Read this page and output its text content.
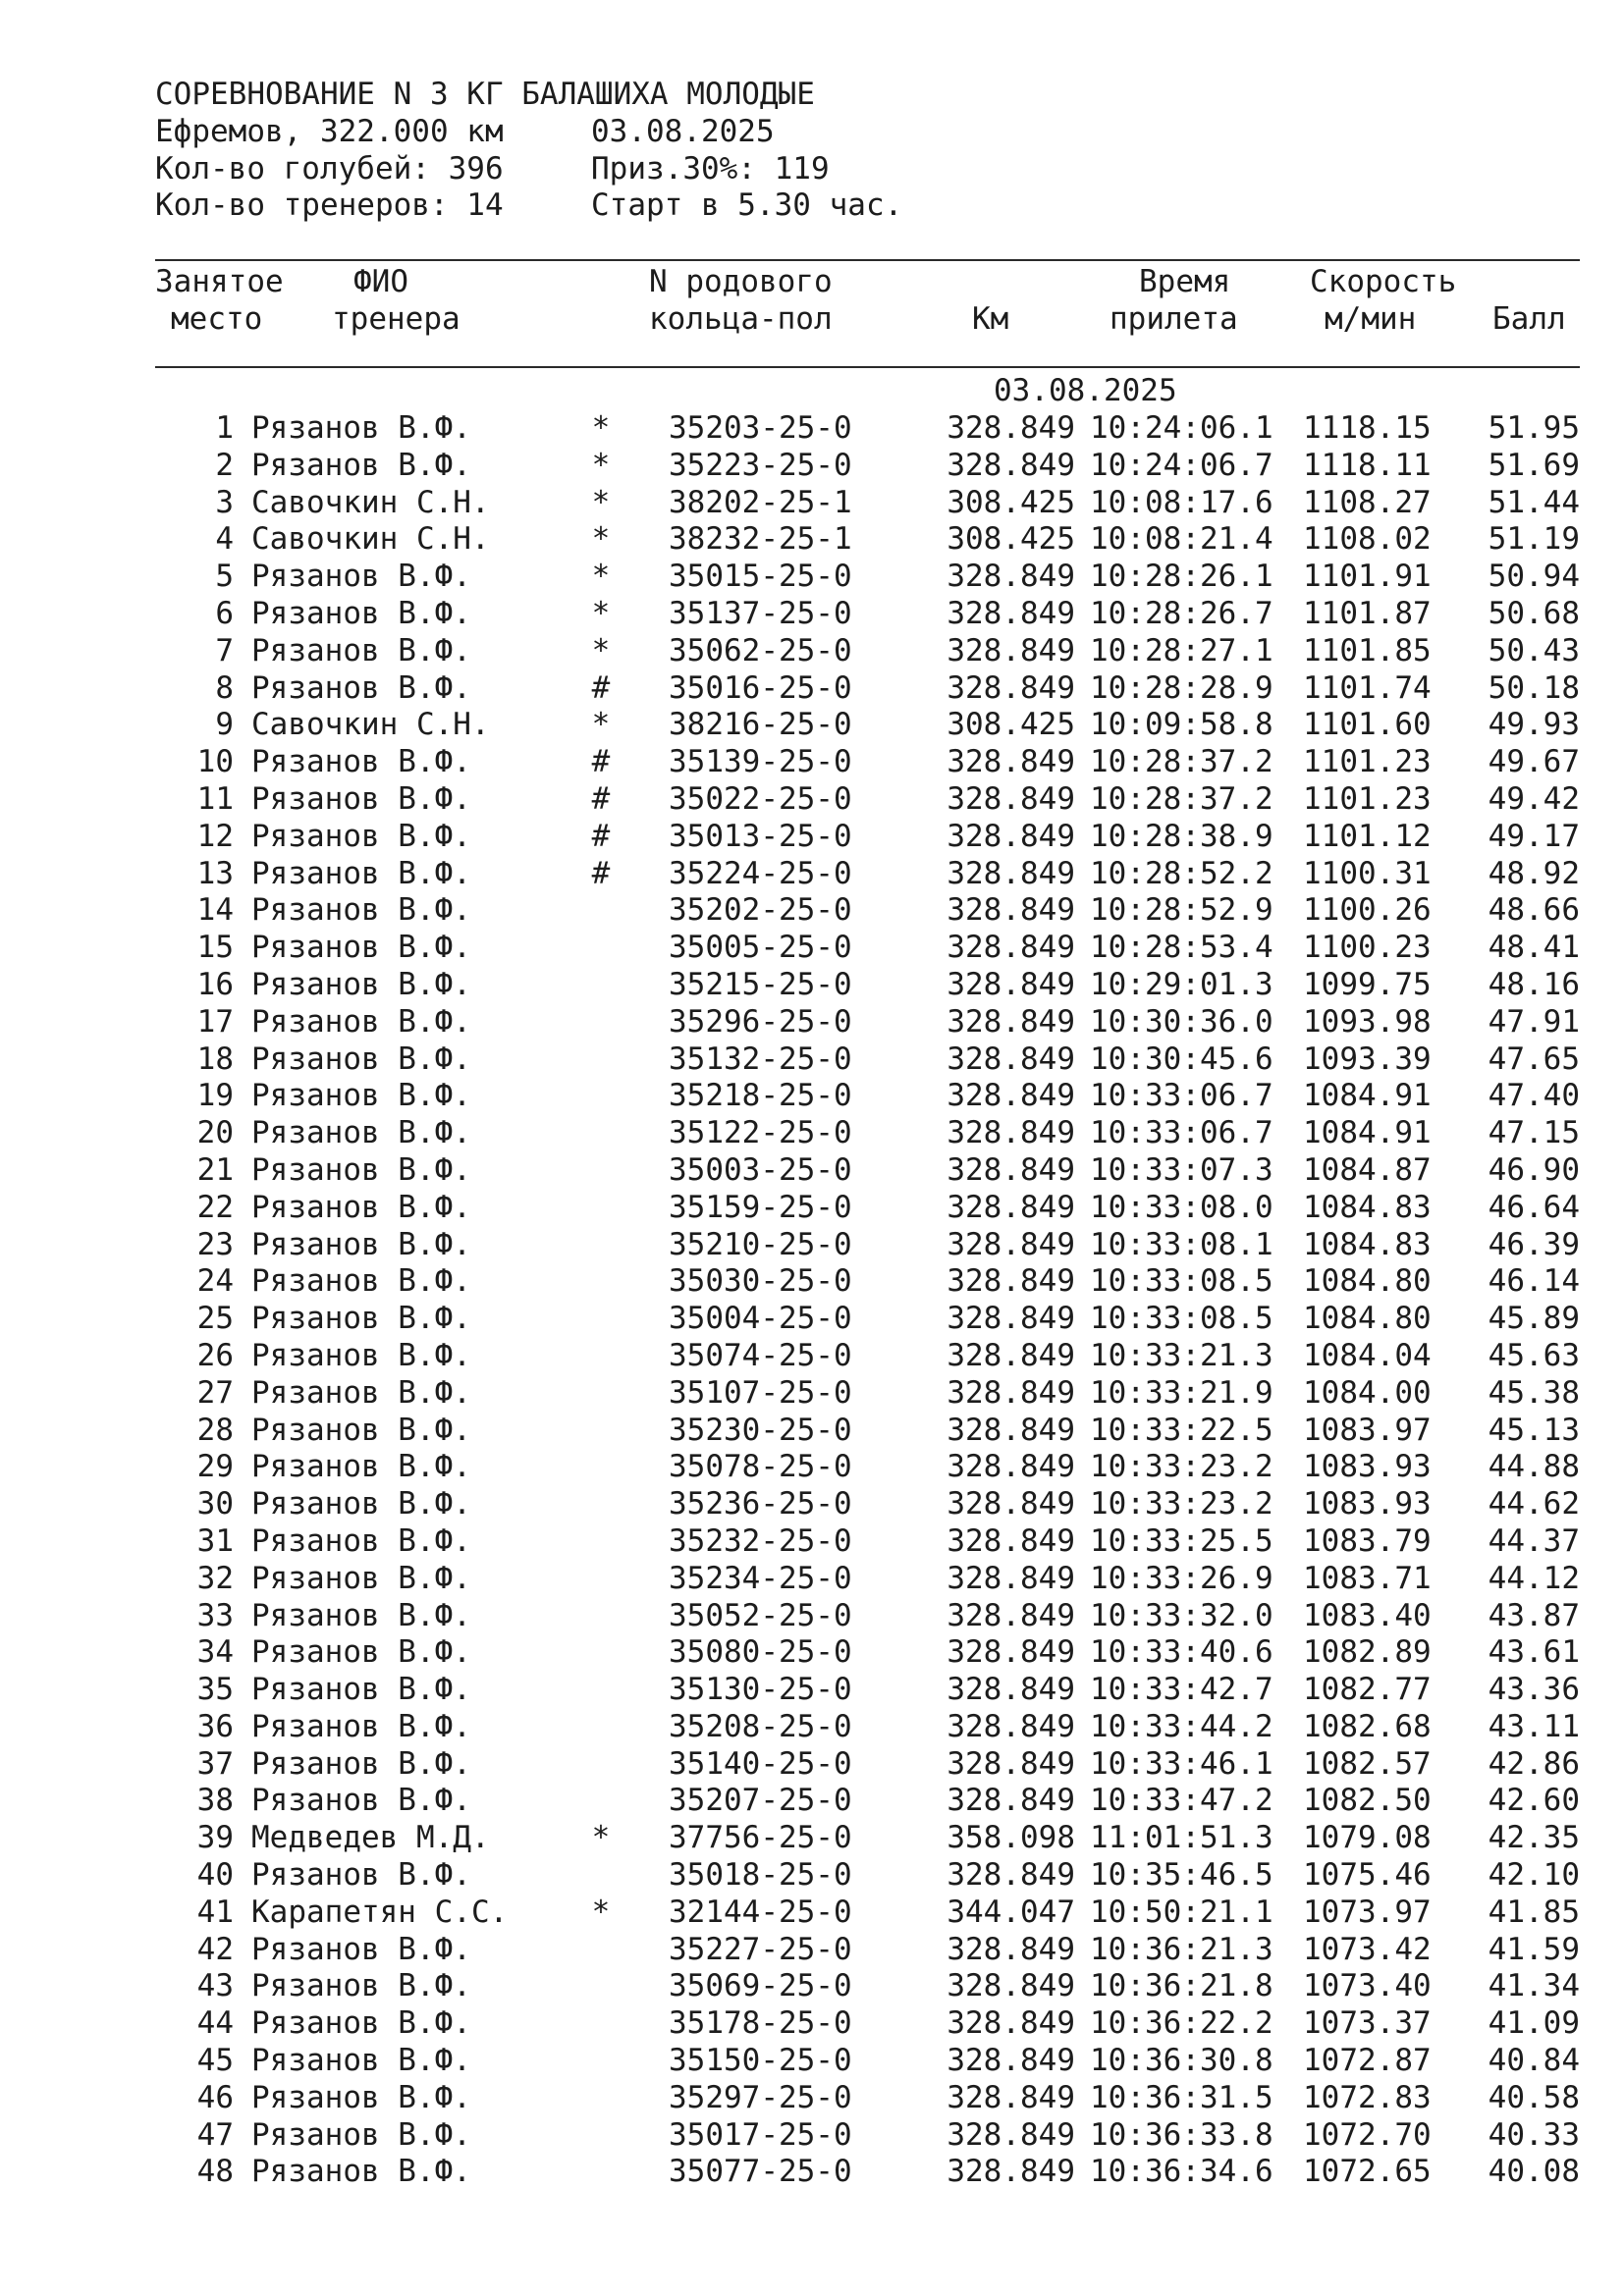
СОРЕВНОВАНИЕ N 3 КГ БАЛАШИХА МОЛОДЫЕ
Ефремов, 322.000 км	03.08.2025
Кол-во голубей: 396	Приз.30%: 119
Кол-во тренеров: 14	Старт в 5.30 час.
Занятое
место
ФИО
тренера
N родового
кольца-пол	Км
Время
прилета
Скорость
м/мин	Балл
03.08.2025
1 Рязанов В.Ф.	* 35203-25-0	328.849 10:24:06.1 1118.15	51.95
2 Рязанов В.Ф.	* 35223-25-0	328.849 10:24:06.7 1118.11	51.69
3 Савочкин С.Н.	* 38202-25-1	308.425 10:08:17.6 1108.27	51.44
4 Савочкин С.Н.	* 38232-25-1	308.425 10:08:21.4 1108.02	51.19
5 Рязанов В.Ф.	* 35015-25-0	328.849 10:28:26.1 1101.91	50.94
6 Рязанов В.Ф.	* 35137-25-0	328.849 10:28:26.7 1101.87	50.68
7 Рязанов В.Ф.	* 35062-25-0	328.849 10:28:27.1 1101.85	50.43
8 Рязанов В.Ф.	# 35016-25-0	328.849 10:28:28.9 1101.74	50.18
9 Савочкин С.Н.	* 38216-25-0	308.425 10:09:58.8 1101.60	49.93
10 Рязанов В.Ф.	# 35139-25-0	328.849 10:28:37.2 1101.23	49.67
11 Рязанов В.Ф.	# 35022-25-0	328.849 10:28:37.2 1101.23	49.42
12 Рязанов В.Ф.	# 35013-25-0	328.849 10:28:38.9 1101.12	49.17
13 Рязанов В.Ф.	# 35224-25-0	328.849 10:28:52.2 1100.31	48.92
14 Рязанов В.Ф.	35202-25-0	328.849 10:28:52.9 1100.26	48.66
15 Рязанов В.Ф.	35005-25-0	328.849 10:28:53.4 1100.23	48.41
16 Рязанов В.Ф.	35215-25-0	328.849 10:29:01.3 1099.75	48.16
17 Рязанов В.Ф.	35296-25-0	328.849 10:30:36.0 1093.98	47.91
18 Рязанов В.Ф.	35132-25-0	328.849 10:30:45.6 1093.39	47.65
19 Рязанов В.Ф.	35218-25-0	328.849 10:33:06.7 1084.91	47.40
20 Рязанов В.Ф.	35122-25-0	328.849 10:33:06.7 1084.91	47.15
21 Рязанов В.Ф.	35003-25-0	328.849 10:33:07.3 1084.87	46.90
22 Рязанов В.Ф.	35159-25-0	328.849 10:33:08.0 1084.83	46.64
23 Рязанов В.Ф.	35210-25-0	328.849 10:33:08.1 1084.83	46.39
24 Рязанов В.Ф.	35030-25-0	328.849 10:33:08.5 1084.80	46.14
25 Рязанов В.Ф.	35004-25-0	328.849 10:33:08.5 1084.80	45.89
26 Рязанов В.Ф.	35074-25-0	328.849 10:33:21.3 1084.04	45.63
27 Рязанов В.Ф.	35107-25-0	328.849 10:33:21.9 1084.00	45.38
28 Рязанов В.Ф.	35230-25-0	328.849 10:33:22.5 1083.97	45.13
29 Рязанов В.Ф.	35078-25-0	328.849 10:33:23.2 1083.93	44.88
30 Рязанов В.Ф.	35236-25-0	328.849 10:33:23.2 1083.93	44.62
31 Рязанов В.Ф.	35232-25-0	328.849 10:33:25.5 1083.79	44.37
32 Рязанов В.Ф.	35234-25-0	328.849 10:33:26.9 1083.71	44.12
33 Рязанов В.Ф.	35052-25-0	328.849 10:33:32.0 1083.40	43.87
34 Рязанов В.Ф.	35080-25-0	328.849 10:33:40.6 1082.89	43.61
35 Рязанов В.Ф.	35130-25-0	328.849 10:33:42.7 1082.77	43.36
36 Рязанов В.Ф.	35208-25-0	328.849 10:33:44.2 1082.68	43.11
37 Рязанов В.Ф.	35140-25-0	328.849 10:33:46.1 1082.57	42.86
38 Рязанов В.Ф.	35207-25-0	328.849 10:33:47.2 1082.50	42.60
39 Медведев М.Д.	* 37756-25-0	358.098 11:01:51.3 1079.08	42.35
40 Рязанов В.Ф.	35018-25-0	328.849 10:35:46.5 1075.46	42.10
41 Карапетян С.С.	* 32144-25-0	344.047 10:50:21.1 1073.97	41.85
42 Рязанов В.Ф.	35227-25-0	328.849 10:36:21.3 1073.42	41.59
43 Рязанов В.Ф.	35069-25-0	328.849 10:36:21.8 1073.40	41.34
44 Рязанов В.Ф.	35178-25-0	328.849 10:36:22.2 1073.37	41.09
45 Рязанов В.Ф.	35150-25-0	328.849 10:36:30.8 1072.87	40.84
46 Рязанов В.Ф.	35297-25-0	328.849 10:36:31.5 1072.83	40.58
47 Рязанов В.Ф.	35017-25-0	328.849 10:36:33.8 1072.70	40.33
48 Рязанов В.Ф.	35077-25-0	328.849 10:36:34.6 1072.65	40.08
